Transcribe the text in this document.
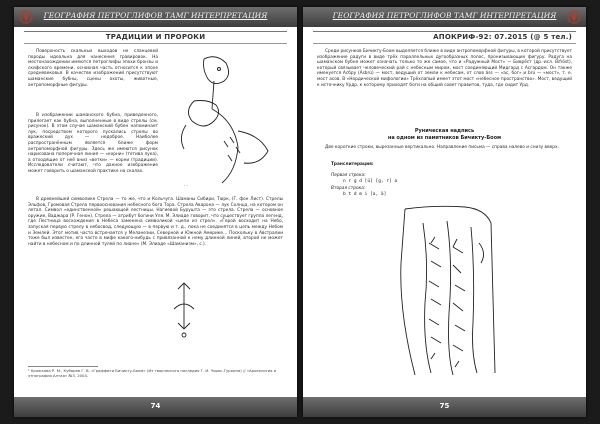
ГЕОГРАФИЯ ПЕТРОГЛИФОВ ТАМГ ИНТЕРПРЕТАЦИЯ
ТРАДИЦИИ И ПРОРОКИ

Поверхность скальных выходов не сланцевой породы идеальна для нанесения гравировок. На местонахождении имеются петроглифы эпохи бронзы и скифского времени, основная часть относится к эпохе средневековья. В качестве изображений присутствуют шаманские бубны, сцены охоты, животные, антропоморфные фигуры.

· ·

В изображении шаманского бубна, приведенного, прилегает как бубна, выполненные в виде стрелы (см. рисунок). В этом случае шаманский бубен напоминает лук, посредством которого пускались стрелы во вражеский дух — недоброе. Наиболее распространённым является ближе форм антропоморфной фигуры. Здесь же имеются рисунок нарисована поперечная линия — «корни» (тетива лука), а отходящие от неё вниз «ветки» — корни (традиции). Исследователи считают, что данное изображение может говорить о шаманской практике на скалах.

В древнейшей символике Стрела — то же, что и Кольчуга. Шаманы Сибири, Тюрк, (Г. фон Лист). Стрелы Эльфов, Громовая Стрела первооснования небесного бога Тора. Стрела Аварона — лук Солнца, на котором он летал. Символ «единственной» решающей лестницы. Нагиевой Бурушта — это стрела. Стрела — основное оружие, Ваджара (Р. Генон). Стрела — атрибут богини Уля. М. Элиаде говорит, что существует группа легенд, где Лестница восхождения в Небеса заменена символикой «цепи из стрел». «Герой восходит на Небо, запуская первую стрелу в небосвод, следующую — в первую и т. д., пока не соединятся в цепь между Небом и Землей. Этот мотив часто встречается у Меланезии, Северной и Южной Америке… Поскольку в Австралии тоже был известен, его часто в мифе какого-нибудь с привязанной к нему длинной линей, второй не может найти в небесном и по длинной тулей по лиане» (М. Элиаде «Шаманизм», с.).

¹ Кряжкова Р. М., Кубарев Г. В. «Граффити Бичикту-Боом» (Из творческого наследия Г. И. Чорос-Гуркина) // «Археология и этнография Алтая» №3, 2004.
74
ГЕОГРАФИЯ ПЕТРОГЛИФОВ ТАМГ ИНТЕРПРЕТАЦИЯ
АПОКРИФ-92: 07.2015 (@ 5 тел.)

Среди рисунков Бичикту-Боом выделяется ближе в виде антропоморфной фигуры, в которой присутствует изображение радуги в виде трёх параллельных дугообразных полос, пронизывающих фигуру. Радуга на шаманском бубне может означать только то же самое, что и «Радужный Мост» — Биврёст (др.-исл. Bifröst), который связывает человеческий рай с небесным миром, мост соединяющий Мидгард с Асгардом. Он также именуется Асбру (Ásbrú) — мост, ведущий от земли к небесам, от слов áss — «ас, бог» и brú — «мост», т. е. мост асов. В «Нордической мифологии» Трёхлапый имеет этот мост «небесное пространство». Мост, ведущий к источнику Урдр, к которому приходят боги на общий совет правитов, туда, где сидит Урд.

Руническая надпись
на одном из памятников Бичикту-Боом

Две короткие строки, вырезанные вертикально. Направление письма — справа налево и снизу вверх.

Транслитерация:
Первая строка:
n r g d [ü] [g, r] a
Вторая строка:
b t d m i [a, ä]
75
